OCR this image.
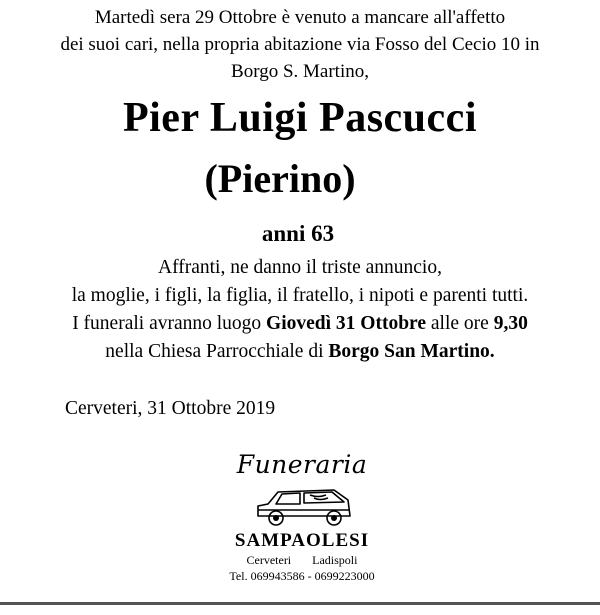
Martedì sera 29 Ottobre è venuto a mancare all'affetto
dei suoi cari, nella propria abitazione via Fosso del Cecio 10 in
Borgo S. Martino,
Pier Luigi Pascucci
(Pierino)
anni 63
Affranti, ne danno il triste annuncio,
la moglie, i figli, la figlia, il fratello, i nipoti e parenti tutti.
I funerali avranno luogo Giovedì 31 Ottobre alle ore 9,30
nella Chiesa Parrocchiale di Borgo San Martino.
Cerveteri, 31 Ottobre 2019
Funeraria
SAMPAOLESI
Cerveteri Ladispoli
Tel. 069943586 - 0699223000
